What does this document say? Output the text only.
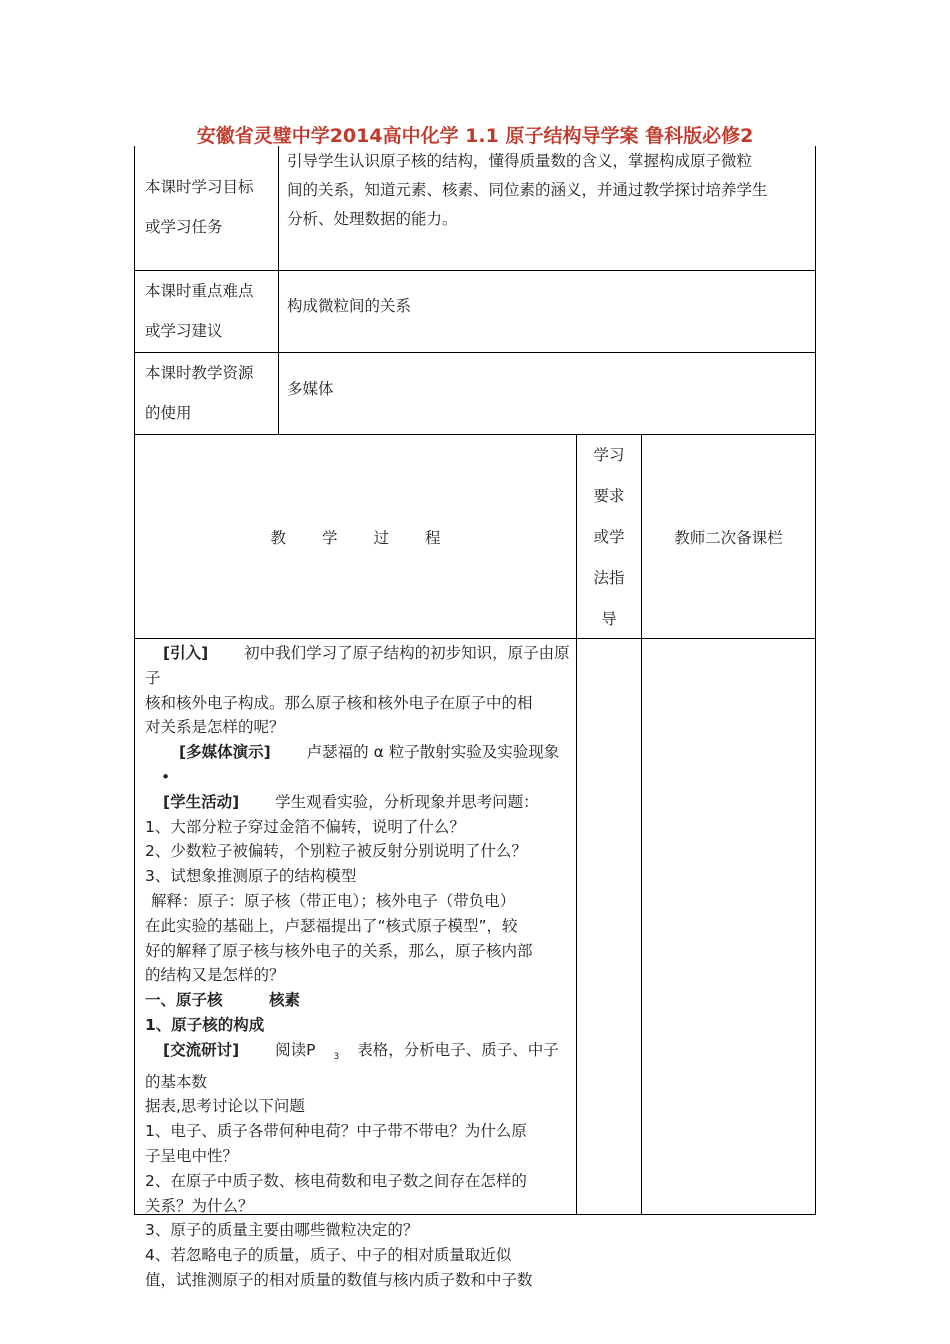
安徽省灵璧中学2014高中化学 1.1 原子结构导学案 鲁科版必修2
本课时学习目标
或学习任务
引导学生认识原子核的结构，懂得质量数的含义，掌握构成原子微粒
间的关系，知道元素、核素、同位素的涵义，并通过教学探讨培养学生
分析、处理数据的能力。
本课时重点难点
或学习建议
构成微粒间的关系
本课时教学资源
的使用
多媒体
教 学 过 程
学习
要求
或学
法指
导
教师二次备课栏

[引入] 初中我们学习了原子结构的初步知识，原子由原子

核和核外电子构成。那么原子核和核外电子在原子中的相

对关系是怎样的呢？

[多媒体演示] 卢瑟福的 α 粒子散射实验及实验现象•

[学生活动] 学生观看实验，分析现象并思考问题：

1、大部分粒子穿过金箔不偏转，说明了什么？

2、少数粒子被偏转，个别粒子被反射分别说明了什么？

3、试想象推测原子的结构模型

解释：原子：原子核（带正电）；核外电子（带负电）

在此实验的基础上，卢瑟福提出了“核式原子模型”，较

好的解释了原子核与核外电子的关系，那么，原子核内部

的结构又是怎样的？

一、原子核　　　核素

1、原子核的构成

[交流研讨] 阅读P $_3$ 表格，分析电子、质子、中子的基本数

据表,思考讨论以下问题

1、电子、质子各带何种电荷？中子带不带电？为什么原

子呈电中性？

2、在原子中质子数、核电荷数和电子数之间存在怎样的

关系？为什么？

3、原子的质量主要由哪些微粒决定的？

4、若忽略电子的质量，质子、中子的相对质量取近似

值，试推测原子的相对质量的数值与核内质子数和中子数
